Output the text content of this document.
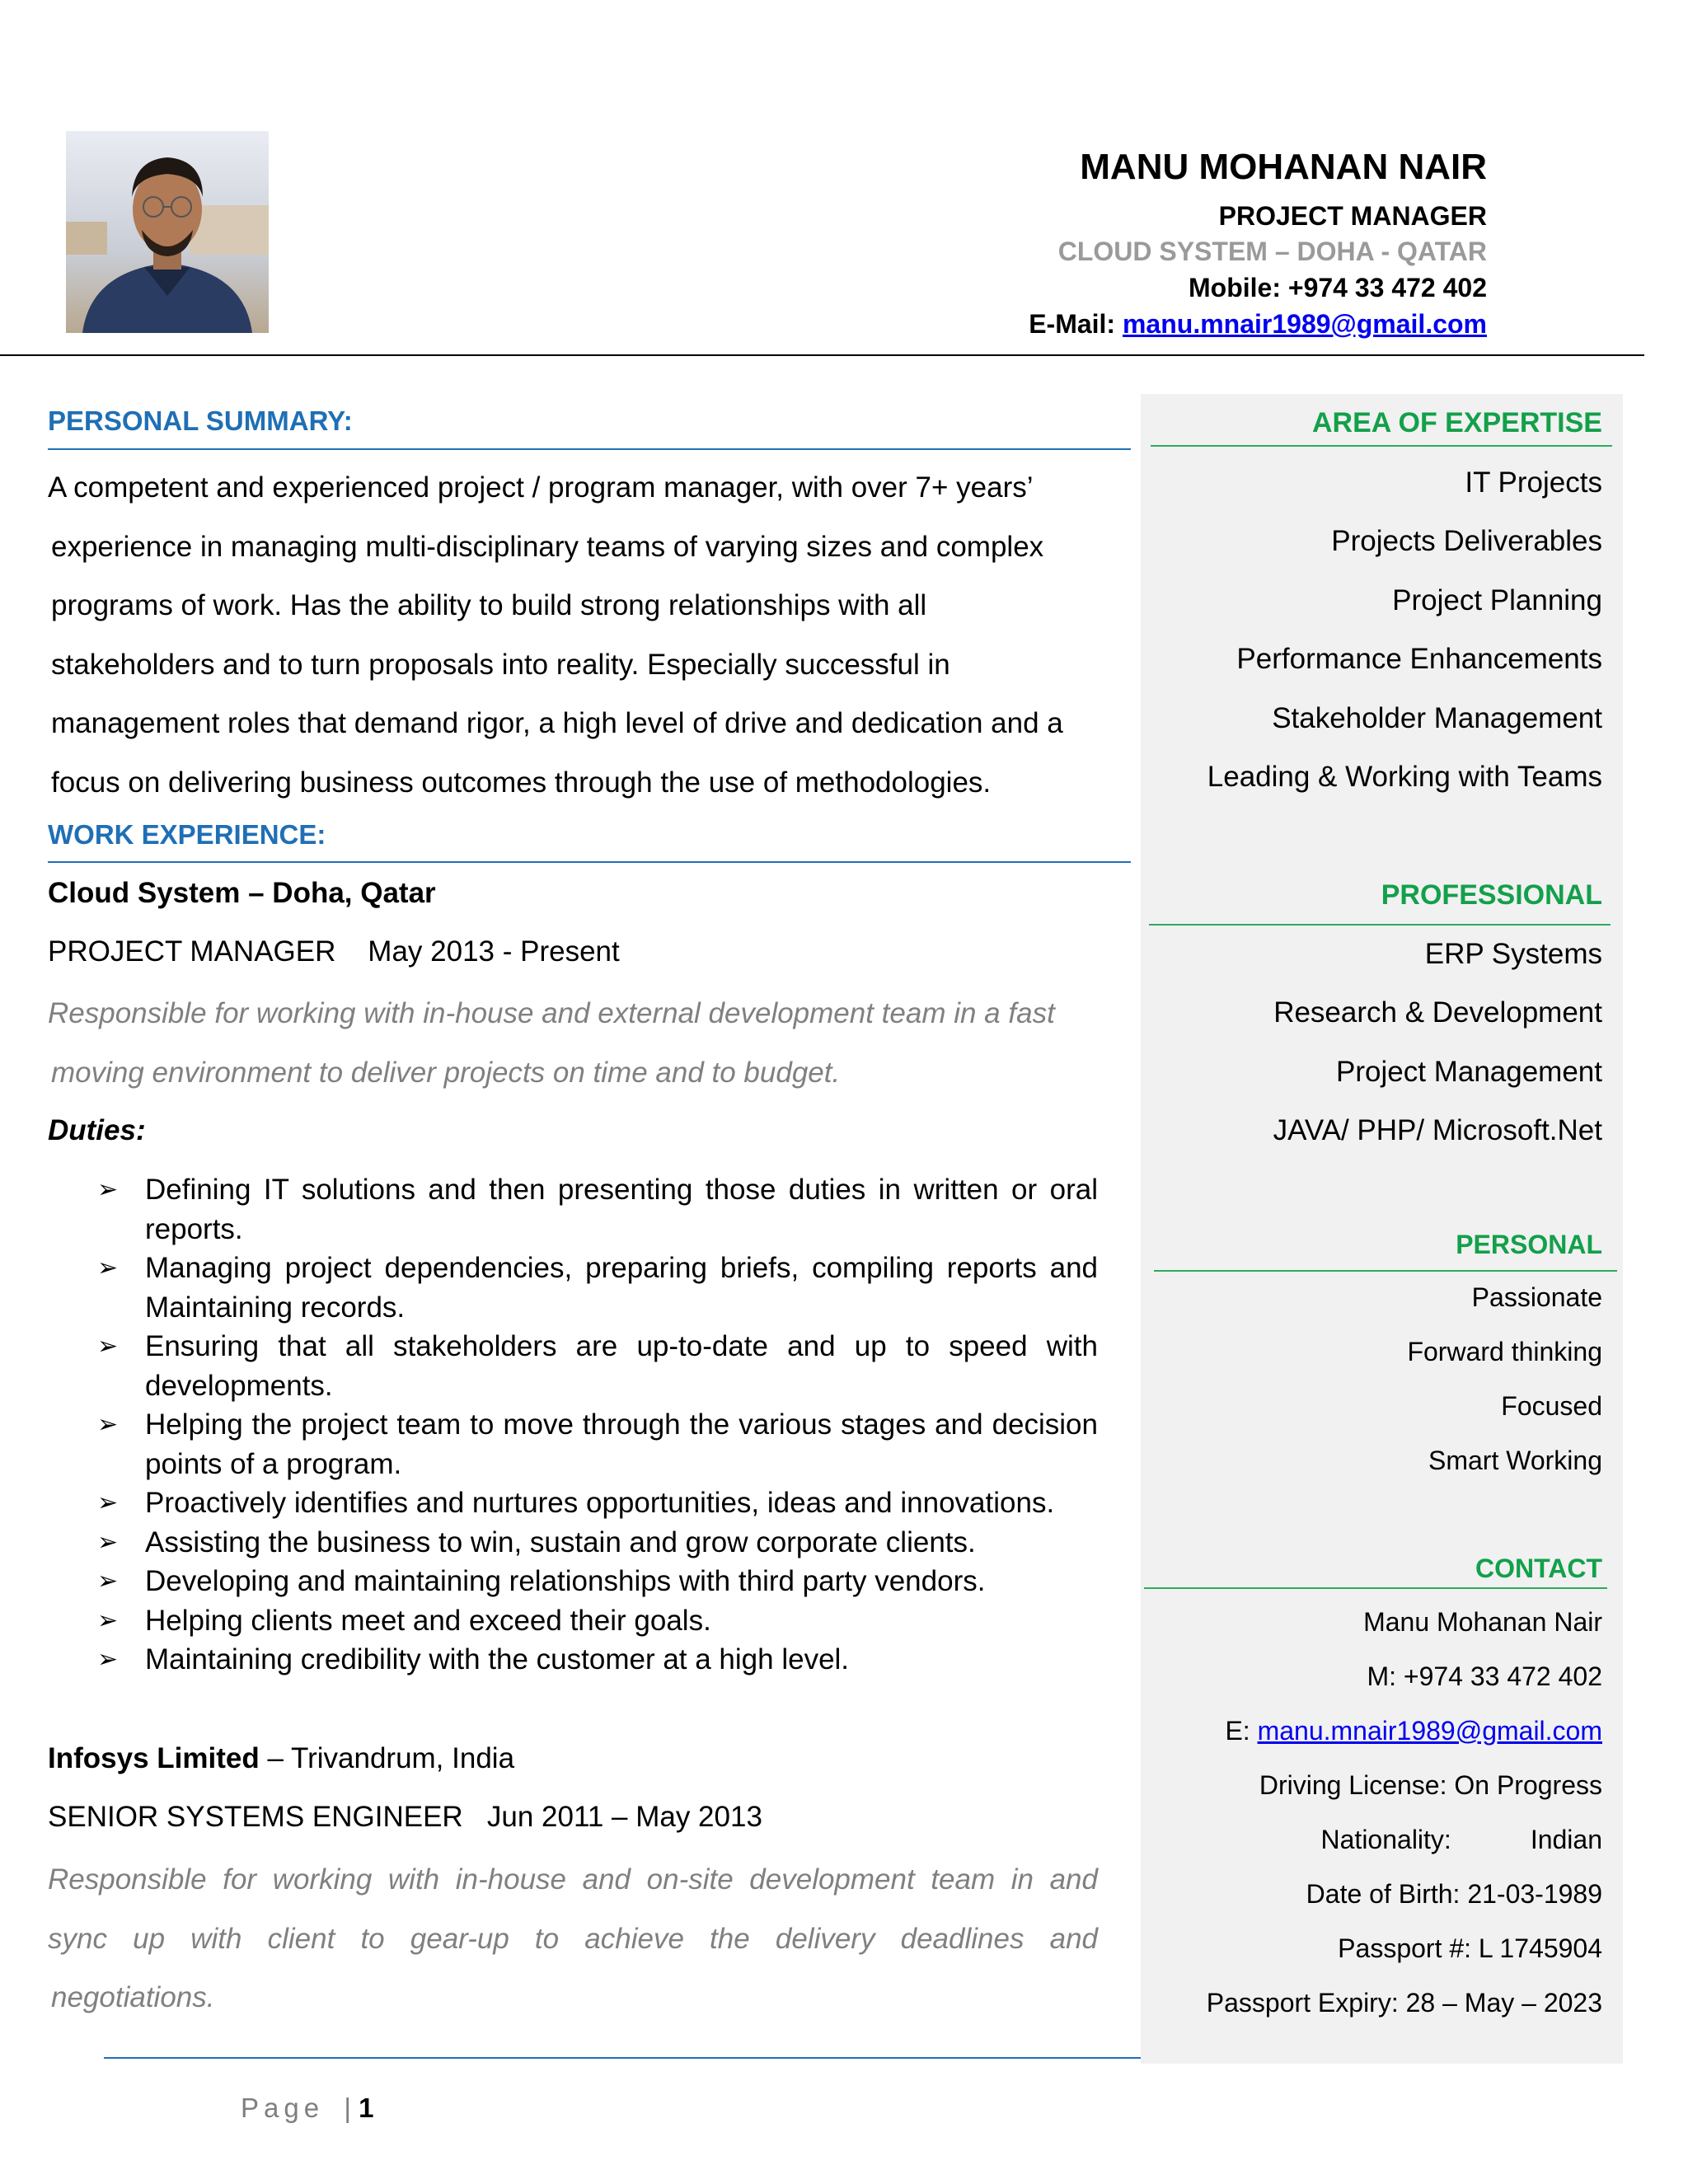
MANU MOHANAN NAIR
PROJECT MANAGER
CLOUD SYSTEM – DOHA - QATAR
Mobile: +974 33 472 402
E-Mail: manu.mnair1989@gmail.com
PERSONAL SUMMARY:

A competent and experienced project / program manager, with over 7+ years’

experience in managing multi-disciplinary teams of varying sizes and complex

programs of work. Has the ability to build strong relationships with all

stakeholders and to turn proposals into reality. Especially successful in

management roles that demand rigor, a high level of drive and dedication and a

focus on delivering business outcomes through the use of methodologies.

WORK EXPERIENCE:
Cloud System – Doha, Qatar
PROJECT MANAGER    May 2013 - Present

Responsible for working with in-house and external development team in a fast

moving environment to deliver projects on time and to budget.

Duties:
➢ Defining IT solutions and then presenting those duties in written or oral reports.
➢ Managing project dependencies, preparing briefs, compiling reports and Maintaining records.
➢ Ensuring that all stakeholders are up-to-date and up to speed with developments.
➢ Helping the project team to move through the various stages and decision points of a program.
➢ Proactively identifies and nurtures opportunities, ideas and innovations.
➢ Assisting the business to win, sustain and grow corporate clients.
➢ Developing and maintaining relationships with third party vendors.
➢ Helping clients meet and exceed their goals.
➢ Maintaining credibility with the customer at a high level.
Infosys Limited – Trivandrum, India
SENIOR SYSTEMS ENGINEER   Jun 2011 – May 2013

Responsible for working with in-house and on-site development team in and

sync up with client to gear-up to achieve the delivery deadlines and

negotiations.

AREA OF EXPERTISE
IT Projects
Projects Deliverables
Project Planning
Performance Enhancements
Stakeholder Management
Leading & Working with Teams
PROFESSIONAL
ERP Systems
Research & Development
Project Management
JAVA/ PHP/ Microsoft.Net
PERSONAL
Passionate
Forward thinking
Focused
Smart Working
CONTACT
Manu Mohanan Nair
M: +974 33 472 402
E: manu.mnair1989@gmail.com
Driving License: On Progress
Nationality:	Indian
Date of Birth: 21-03-1989
Passport #: L 1745904
Passport Expiry: 28 – May – 2023
Page  | 1
